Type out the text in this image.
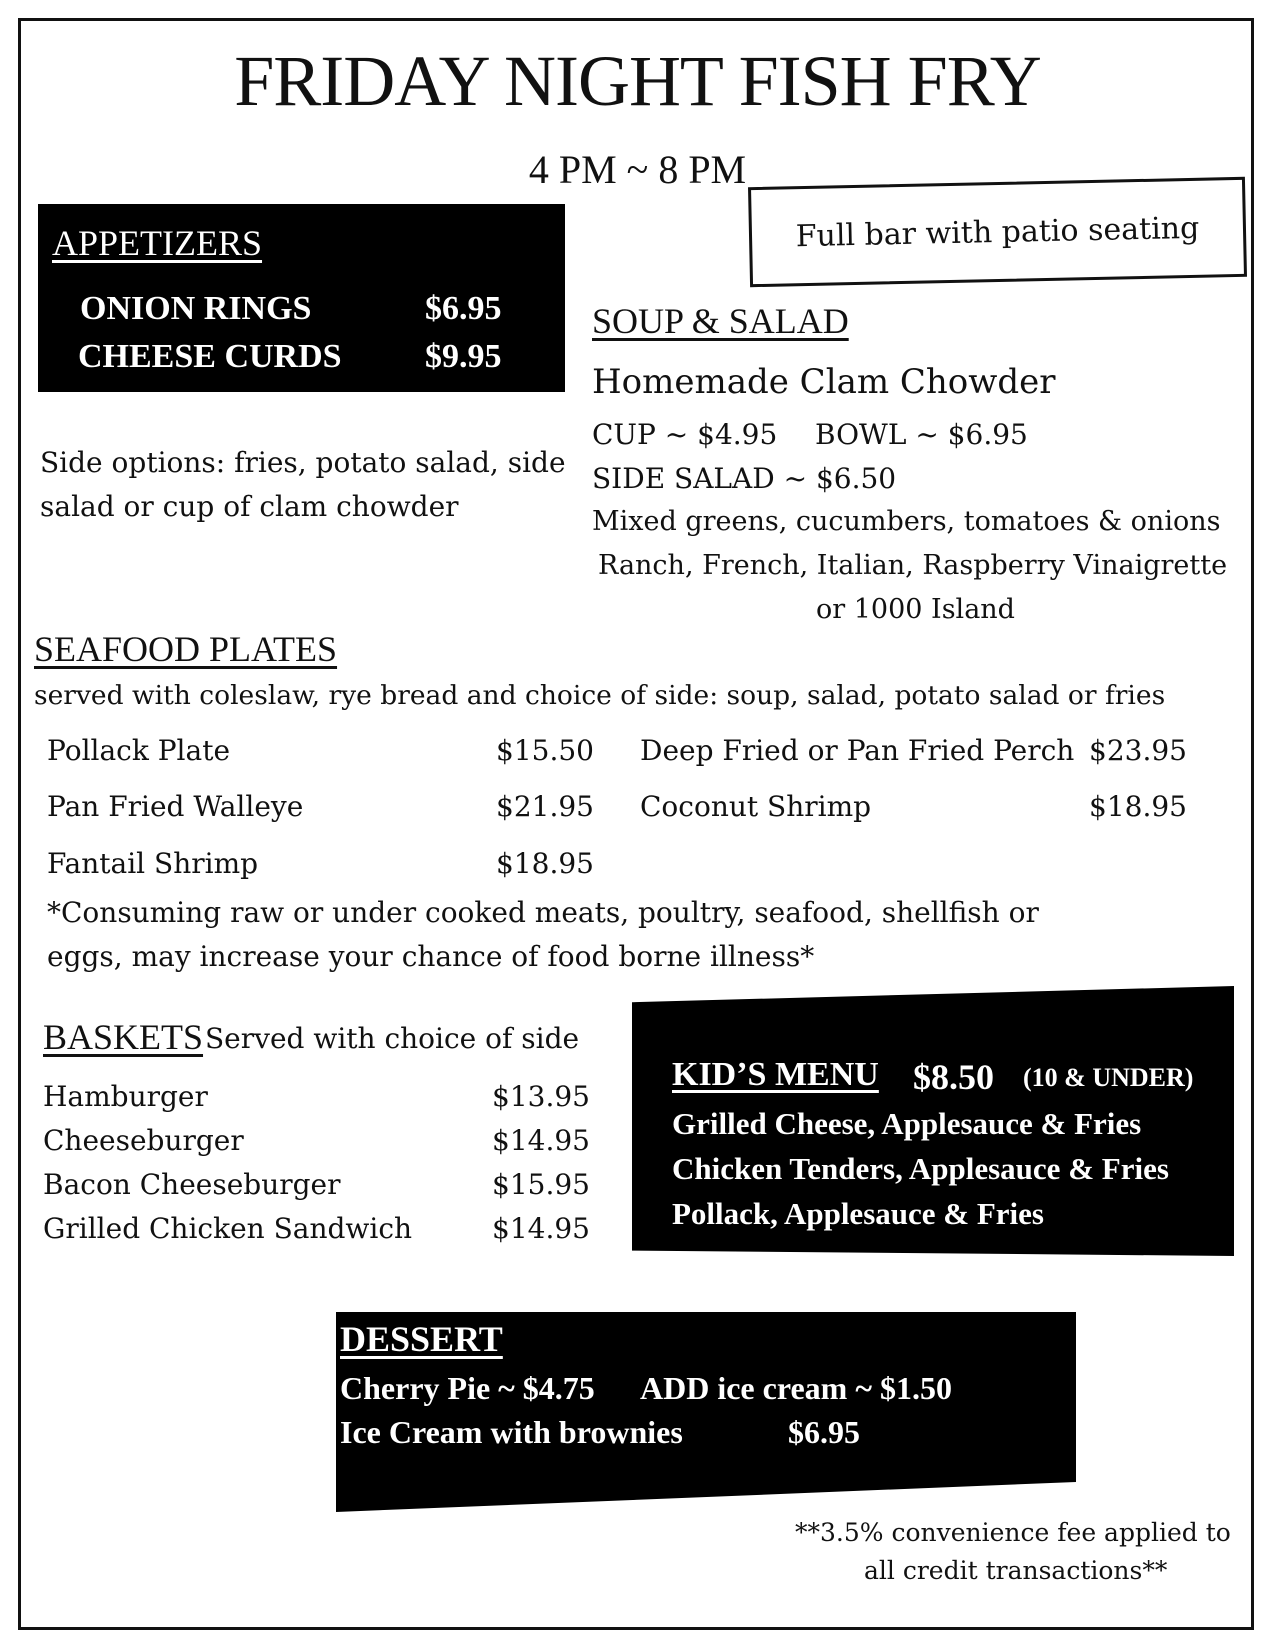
FRIDAY NIGHT FISH FRY
4 PM ~ 8 PM
Full bar with patio seating
APPETIZERS
ONION RINGS	$6.95
CHEESE CURDS $9.95
Side options: fries, potato salad, side
salad or cup of clam chowder
SOUP & SALAD
Homemade Clam Chowder
CUP ~ $4.95 BOWL ~ $6.95
SIDE SALAD ~ $6.50
Mixed greens, cucumbers, tomatoes & onions
Ranch, French, Italian, Raspberry Vinaigrette
or 1000 Island
SEAFOOD PLATES
served with coleslaw, rye bread and choice of side: soup, salad, potato salad or fries
Pollack Plate	$15.50
Pan Fried Walleye	$21.95
Fantail Shrimp	$18.95
Deep Fried or Pan Fried Perch $23.95
Coconut Shrimp	$18.95
*Consuming raw or under cooked meats, poultry, seafood, shellfish or
eggs, may increase your chance of food borne illness*
BASKETS Served with choice of side
Hamburger	$13.95
Cheeseburger	$14.95
Bacon Cheeseburger	$15.95
Grilled Chicken Sandwich	$14.95
KID’S MENU $8.50 (10 & UNDER)
Grilled Cheese, Applesauce & Fries
Chicken Tenders, Applesauce & Fries
Pollack, Applesauce & Fries
DESSERT
Cherry Pie ~ $4.75 ADD ice cream ~ $1.50
Ice Cream with brownies	$6.95
**3.5% convenience fee applied to
all credit transactions**
